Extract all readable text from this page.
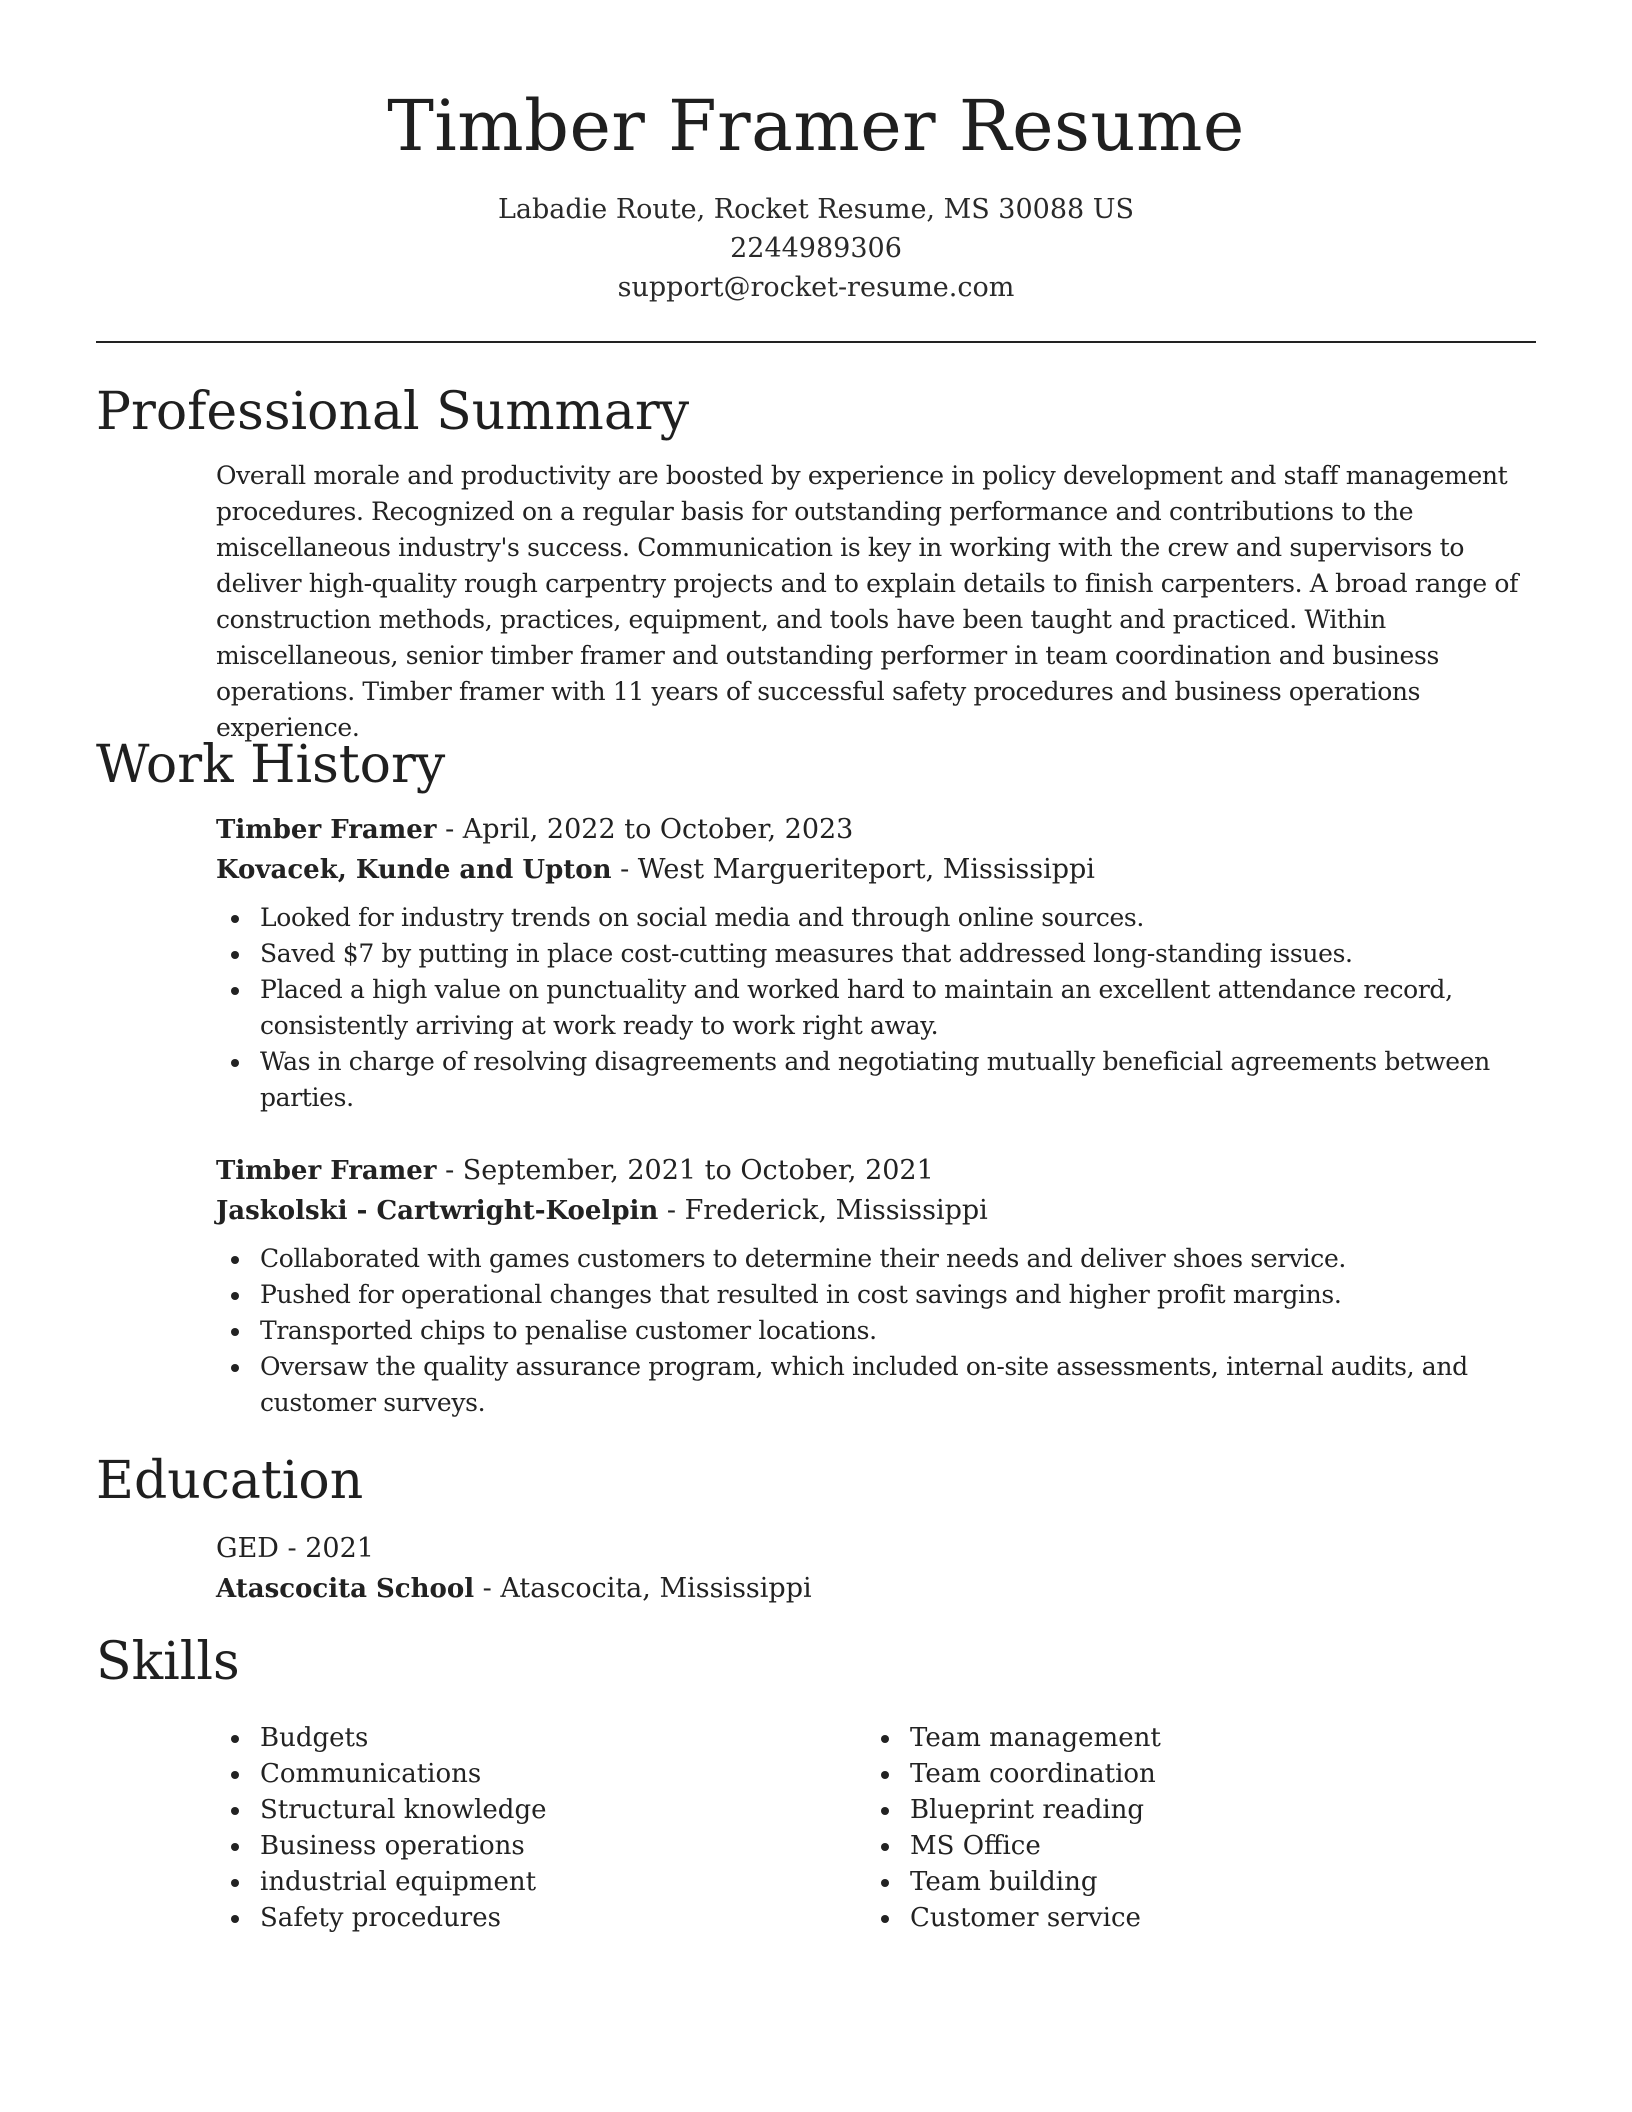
Timber Framer Resume
Labadie Route, Rocket Resume, MS 30088 US
2244989306
support@rocket-resume.com
Professional Summary

Overall morale and productivity are boosted by experience in policy development and staff management procedures. Recognized on a regular basis for outstanding performance and contributions to the miscellaneous industry's success. Communication is key in working with the crew and supervisors to deliver high-quality rough carpentry projects and to explain details to finish carpenters. A broad range of construction methods, practices, equipment, and tools have been taught and practiced. Within miscellaneous, senior timber framer and outstanding performer in team coordination and business operations. Timber framer with 11 years of successful safety procedures and business operations experience.

Work History
Timber Framer - April, 2022 to October, 2023
Kovacek, Kunde and Upton - West Margueriteport, Mississippi
Looked for industry trends on social media and through online sources.
Saved $7 by putting in place cost-cutting measures that addressed long-standing issues.
Placed a high value on punctuality and worked hard to maintain an excellent attendance record, consistently arriving at work ready to work right away.
Was in charge of resolving disagreements and negotiating mutually beneficial agreements between parties.
Timber Framer - September, 2021 to October, 2021
Jaskolski - Cartwright-Koelpin - Frederick, Mississippi
Collaborated with games customers to determine their needs and deliver shoes service.
Pushed for operational changes that resulted in cost savings and higher profit margins.
Transported chips to penalise customer locations.
Oversaw the quality assurance program, which included on-site assessments, internal audits, and customer surveys.
Education
GED - 2021
Atascocita School - Atascocita, Mississippi
Skills
Budgets
Communications
Structural knowledge
Business operations
industrial equipment
Safety procedures
Team management
Team coordination
Blueprint reading
MS Office
Team building
Customer service
